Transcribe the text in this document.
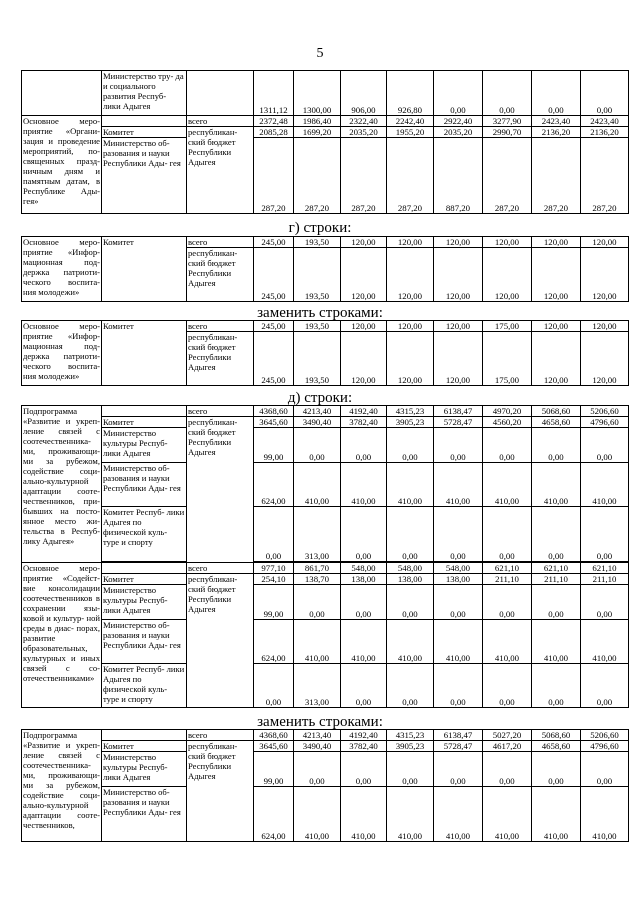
5
	Министерство тру- да и социального развития Респуб- лики Адыгея		1311,12	1300,00	906,00	926,80	0,00	0,00	0,00	0,00
Основное меро- приятие «Органи- зация и проведение мероприятий, по- священных празд- ничным дням и памятным датам, в Республике Ады- гея»		всего	2372,48	1986,40	2322,40	2242,40	2922,40	3277,90	2423,40	2423,40
	Комитет	республикан- ский бюджет Республики Адыгея	2085,28	1699,20	2035,20	1955,20	2035,20	2990,70	2136,20	2136,20
	Министерство об- разования и науки Республики Ады- гея		287,20	287,20	287,20	287,20	887,20	287,20	287,20	287,20
г) строки:
Основное меро- приятие «Инфор- мационная под- держка патриоти- ческого воспита- ния молодежи»	Комитет	всего	245,00	193,50	120,00	120,00	120,00	120,00	120,00	120,00
		республикан- ский бюджет Республики Адыгея	245,00	193,50	120,00	120,00	120,00	120,00	120,00	120,00
заменить строками:
Основное меро- приятие «Инфор- мационная под- держка патриоти- ческого воспита- ния молодежи»	Комитет	всего	245,00	193,50	120,00	120,00	120,00	175,00	120,00	120,00
		республикан- ский бюджет Республики Адыгея	245,00	193,50	120,00	120,00	120,00	175,00	120,00	120,00
д) строки:
Подпрограмма «Развитие и укреп- ление связей с соотечественника- ми, проживающи- ми за рубежом, содействие соци- ально-культурной адаптации соотe- чественников, при- бывших на посто- янное место жи- тельства в Респуб- лику Адыгея»		всего	4368,60	4213,40	4192,40	4315,23	6138,47	4970,20	5068,60	5206,60
	Комитет	республикан- ский бюджет Республики Адыгея	3645,60	3490,40	3782,40	3905,23	5728,47	4560,20	4658,60	4796,60
	Министерство культуры Респуб- лики Адыгея		99,00	0,00	0,00	0,00	0,00	0,00	0,00	0,00
	Министерство об- разования и науки Республики Ады- гея		624,00	410,00	410,00	410,00	410,00	410,00	410,00	410,00
	Комитет Респуб- лики Адыгея по физической куль- туре и спорту		0,00	313,00	0,00	0,00	0,00	0,00	0,00	0,00

Основное меро- приятие «Содейст- вие консолидации соотечественников в сохранении язы- ковой и культур- ной среды в диас- порах, развитие образовательных, культурных и иных связей с со- отечественниками»		всего	977,10	861,70	548,00	548,00	548,00	621,10	621,10	621,10
	Комитет	республикан- ский бюджет Республики Адыгея	254,10	138,70	138,00	138,00	138,00	211,10	211,10	211,10
	Министерство культуры Респуб- лики Адыгея		99,00	0,00	0,00	0,00	0,00	0,00	0,00	0,00
	Министерство об- разования и науки Республики Ады- гея		624,00	410,00	410,00	410,00	410,00	410,00	410,00	410,00
	Комитет Респуб- лики Адыгея по физической куль- туре и спорту		0,00	313,00	0,00	0,00	0,00	0,00	0,00	0,00
заменить строками:
Подпрограмма «Развитие и укреп- ление связей с соотечественника- ми, проживающи- ми за рубежом, содействие соци- ально-культурной адаптации соотe- чественников,		всего	4368,60	4213,40	4192,40	4315,23	6138,47	5027,20	5068,60	5206,60
	Комитет	республикан- ский бюджет Республики Адыгея	3645,60	3490,40	3782,40	3905,23	5728,47	4617,20	4658,60	4796,60
	Министерство культуры Респуб- лики Адыгея		99,00	0,00	0,00	0,00	0,00	0,00	0,00	0,00
	Министерство об- разования и науки Республики Ады- гея		624,00	410,00	410,00	410,00	410,00	410,00	410,00	410,00
